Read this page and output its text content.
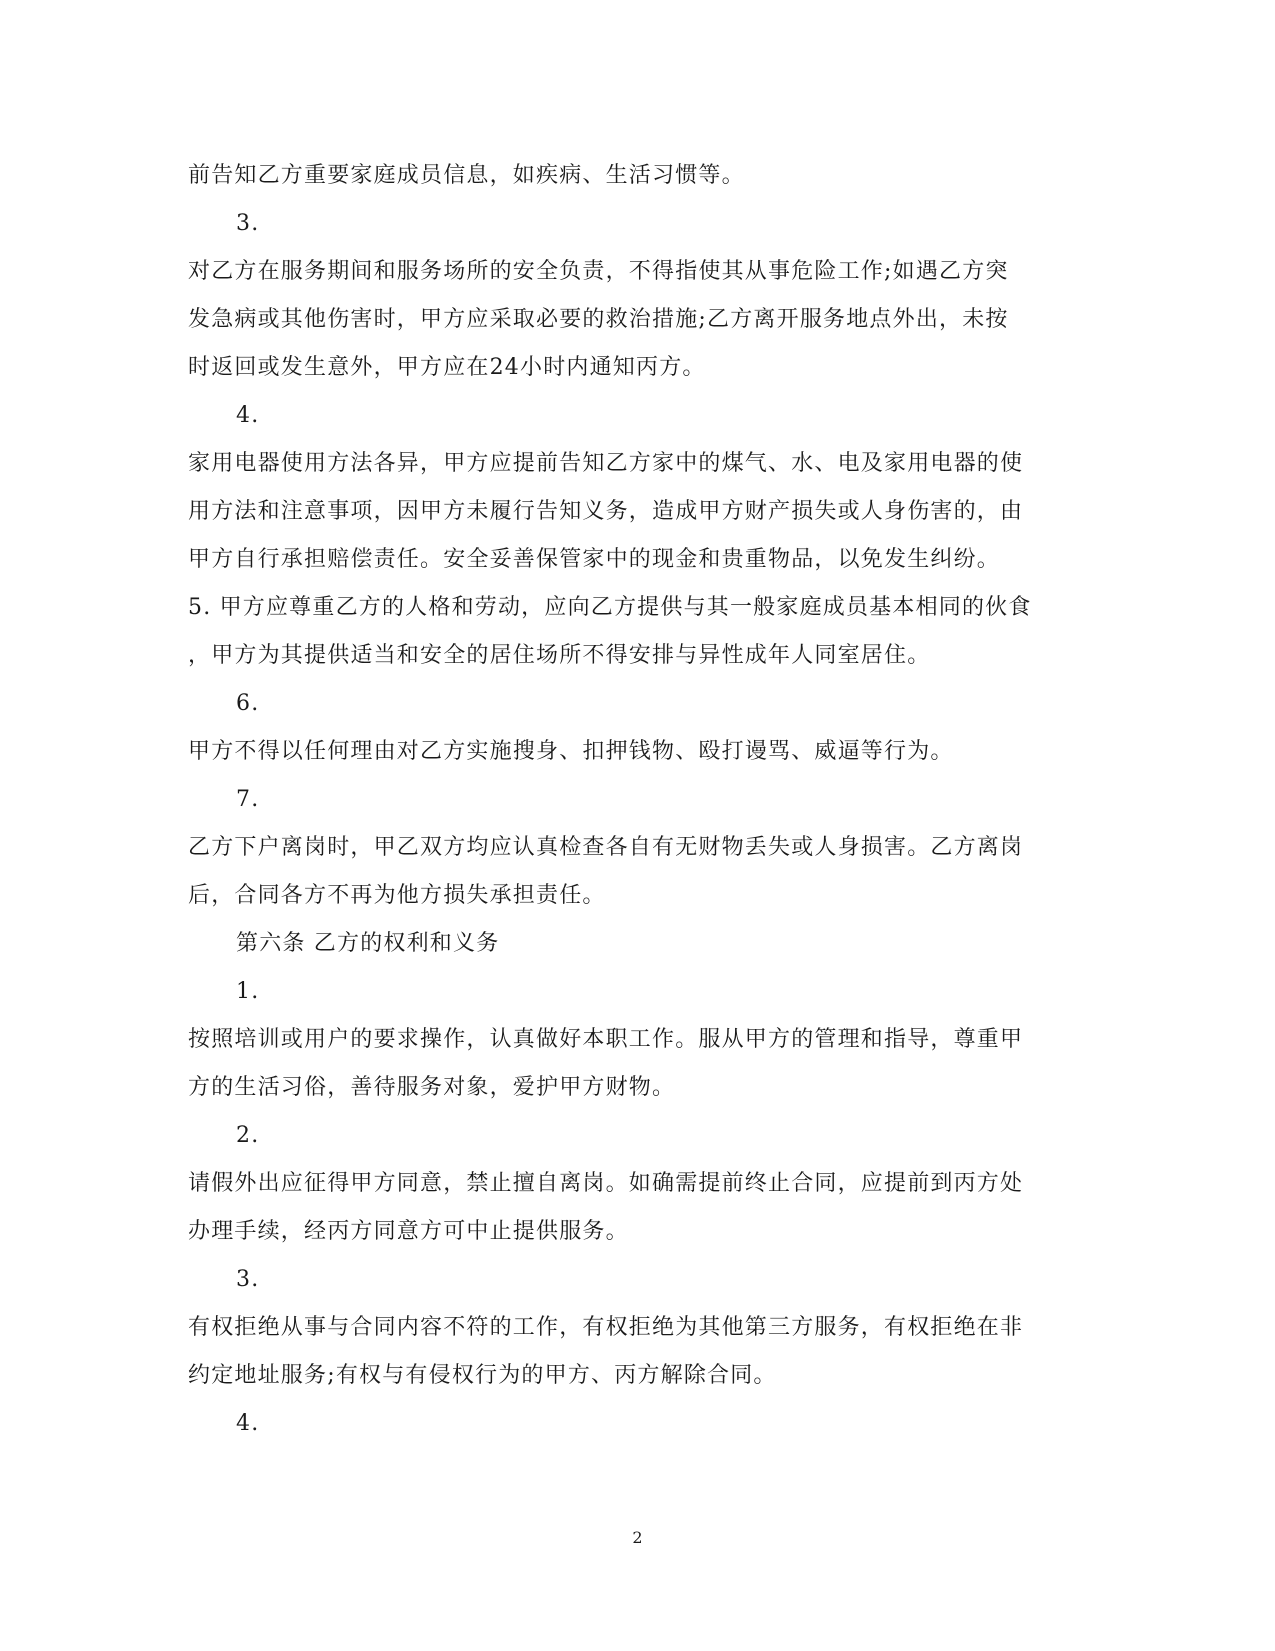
前告知乙方重要家庭成员信息，如疾病、生活习惯等。
3.
对乙方在服务期间和服务场所的安全负责，不得指使其从事危险工作;如遇乙方突
发急病或其他伤害时，甲方应采取必要的救治措施;乙方离开服务地点外出，未按
时返回或发生意外，甲方应在24小时内通知丙方。
4.
家用电器使用方法各异，甲方应提前告知乙方家中的煤气、水、电及家用电器的使
用方法和注意事项，因甲方未履行告知义务，造成甲方财产损失或人身伤害的，由
甲方自行承担赔偿责任。安全妥善保管家中的现金和贵重物品，以免发生纠纷。
5. 甲方应尊重乙方的人格和劳动，应向乙方提供与其一般家庭成员基本相同的伙食
，甲方为其提供适当和安全的居住场所不得安排与异性成年人同室居住。
6.
甲方不得以任何理由对乙方实施搜身、扣押钱物、殴打谩骂、威逼等行为。
7.
乙方下户离岗时，甲乙双方均应认真检查各自有无财物丢失或人身损害。乙方离岗
后，合同各方不再为他方损失承担责任。
第六条 乙方的权利和义务
1.
按照培训或用户的要求操作，认真做好本职工作。服从甲方的管理和指导，尊重甲
方的生活习俗，善待服务对象，爱护甲方财物。
2.
请假外出应征得甲方同意，禁止擅自离岗。如确需提前终止合同，应提前到丙方处
办理手续，经丙方同意方可中止提供服务。
3.
有权拒绝从事与合同内容不符的工作，有权拒绝为其他第三方服务，有权拒绝在非
约定地址服务;有权与有侵权行为的甲方、丙方解除合同。
4.
2
